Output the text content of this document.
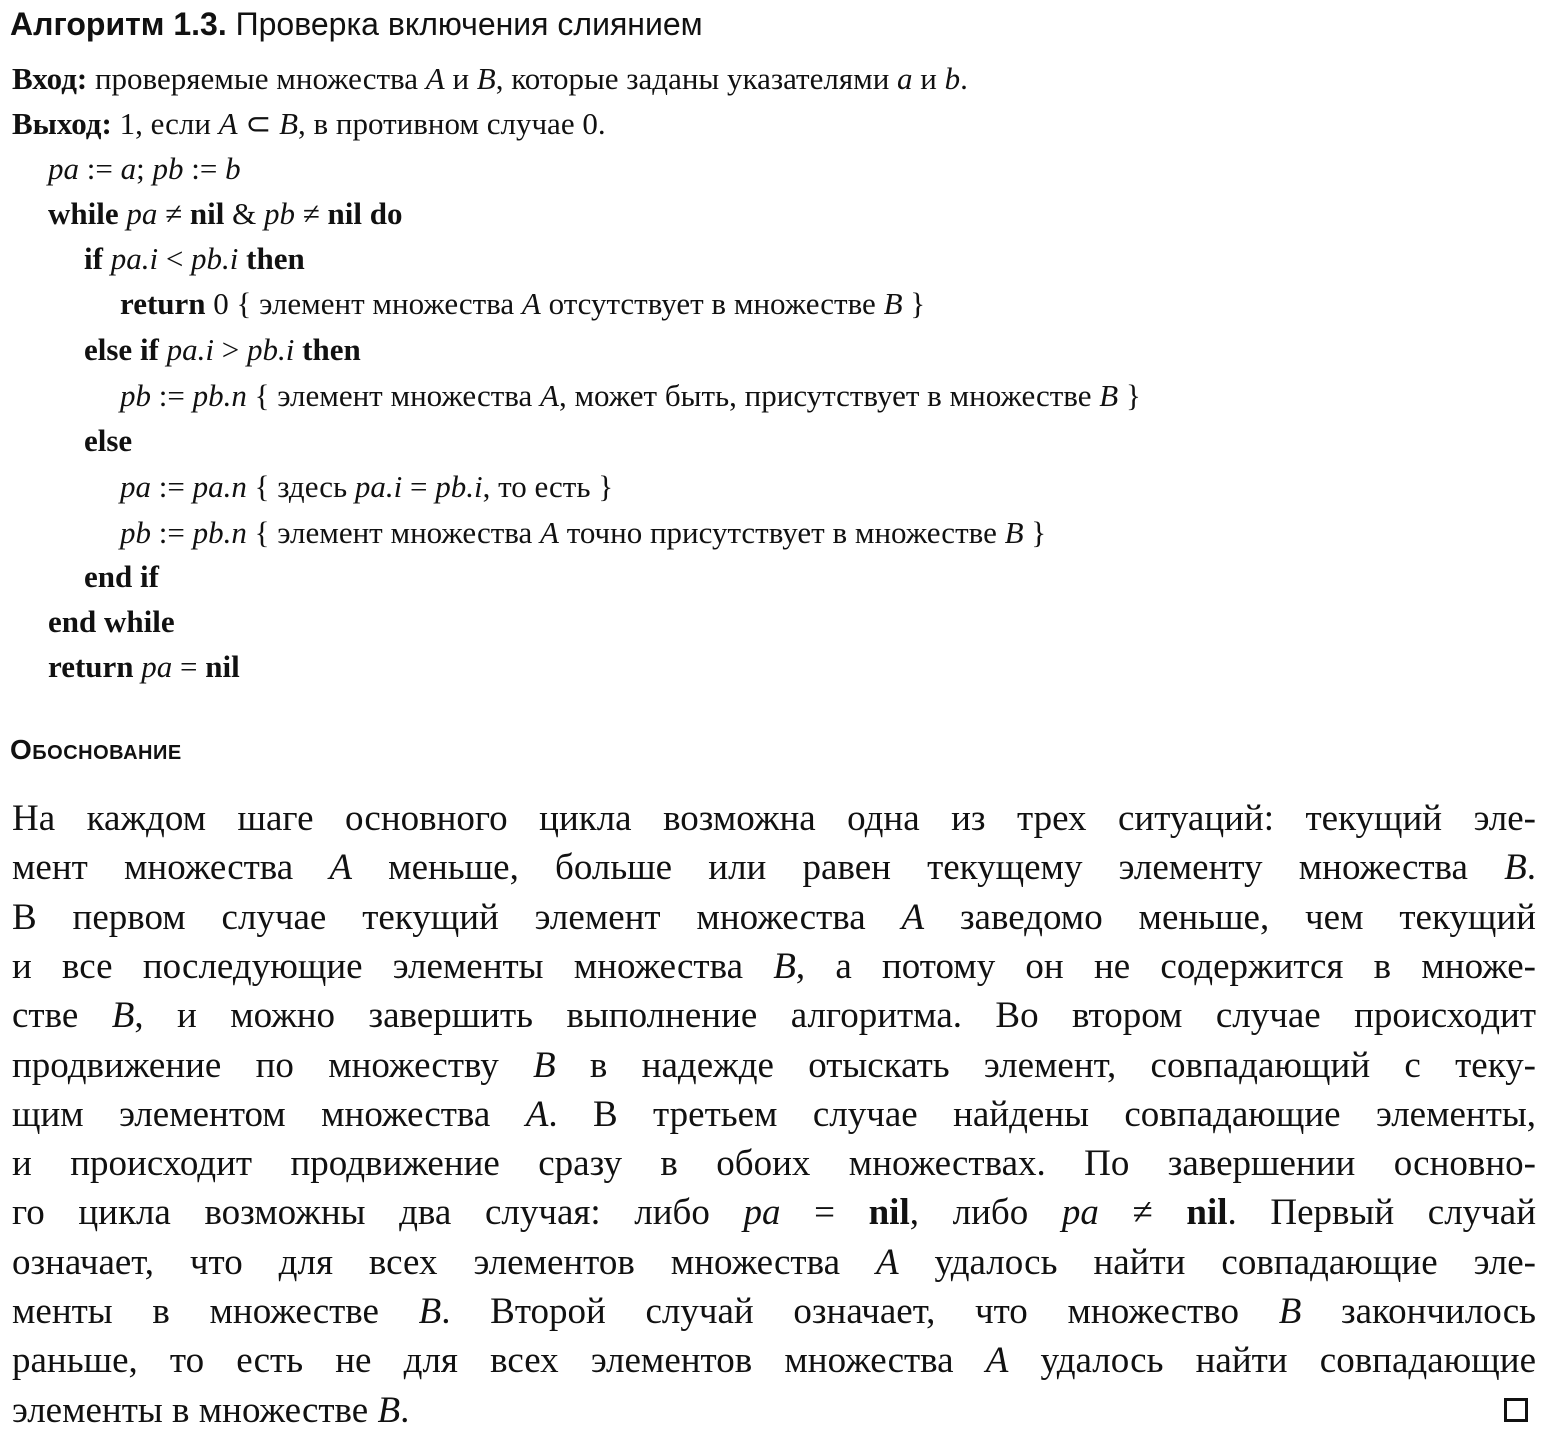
Алгоритм 1.3. Проверка включения слиянием
Вход: проверяемые множества A и B, которые заданы указателями a и b.
Выход: 1, если A ⊂ B, в противном случае 0.
pa := a; pb := b
while pa ≠ nil & pb ≠ nil do
if pa.i < pb.i then
return 0 { элемент множества A отсутствует в множестве B }
else if pa.i > pb.i then
pb := pb.n { элемент множества A, может быть, присутствует в множестве B }
else
pa := pa.n { здесь pa.i = pb.i, то есть }
pb := pb.n { элемент множества A точно присутствует в множестве B }
end if
end while
return pa = nil
Обоснование
На каждом шаге основного цикла возможна одна из трех ситуаций: текущий эле-
мент множества A меньше, больше или равен текущему элементу множества B.
В первом случае текущий элемент множества A заведомо меньше, чем текущий
и все последующие элементы множества B, а потому он не содержится в множе-
стве B, и можно завершить выполнение алгоритма. Во втором случае происходит
продвижение по множеству B в надежде отыскать элемент, совпадающий с теку-
щим элементом множества A. В третьем случае найдены совпадающие элементы,
и происходит продвижение сразу в обоих множествах. По завершении основно-
го цикла возможны два случая: либо pa = nil, либо pa ≠ nil. Первый случай
означает, что для всех элементов множества A удалось найти совпадающие эле-
менты в множестве B. Второй случай означает, что множество B закончилось
раньше, то есть не для всех элементов множества A удалось найти совпадающие
элементы в множестве B.
